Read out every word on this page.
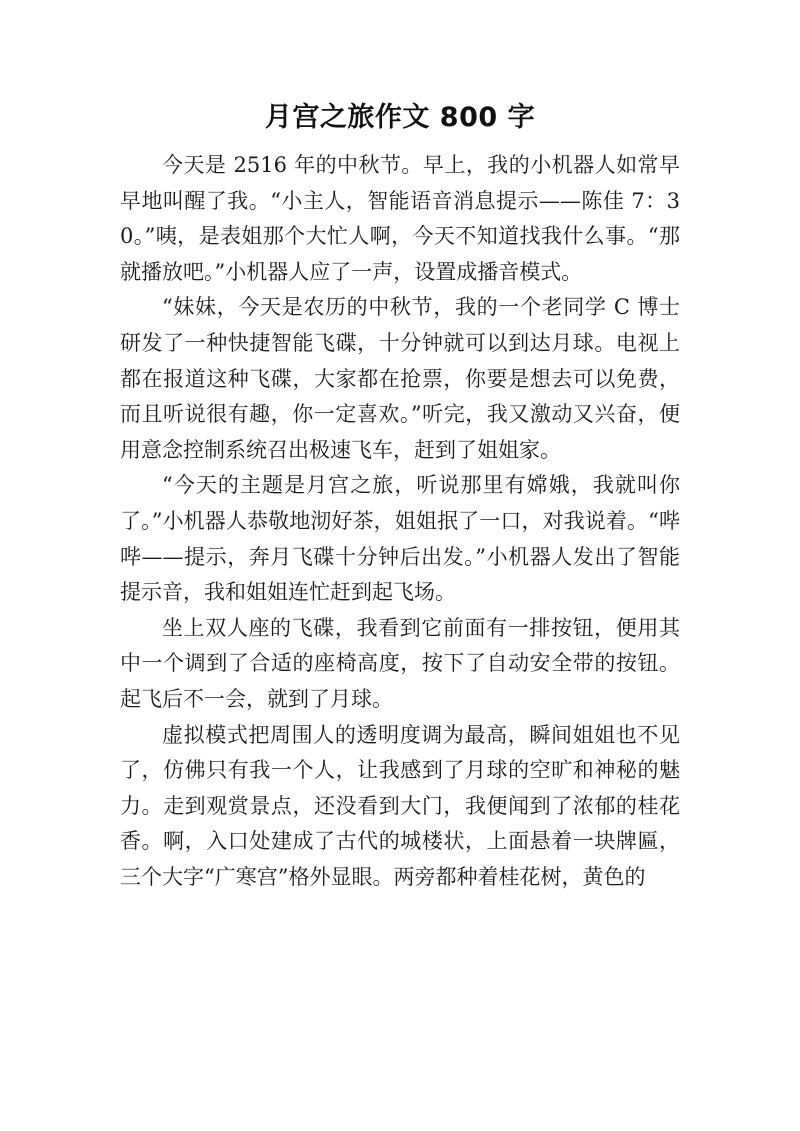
月宫之旅作文 800 字

今天是 2516 年的中秋节。早上，我的小机器人如常早早地叫醒了我。“小主人，智能语音消息提示——陈佳 7：30。”咦，是表姐那个大忙人啊，今天不知道找我什么事。“那就播放吧。”小机器人应了一声，设置成播音模式。

“妹妹，今天是农历的中秋节，我的一个老同学 C 博士研发了一种快捷智能飞碟，十分钟就可以到达月球。电视上都在报道这种飞碟，大家都在抢票，你要是想去可以免费，而且听说很有趣，你一定喜欢。”听完，我又激动又兴奋，便用意念控制系统召出极速飞车，赶到了姐姐家。

“今天的主题是月宫之旅，听说那里有嫦娥，我就叫你了。”小机器人恭敬地沏好茶，姐姐抿了一口，对我说着。“哔哔——提示，奔月飞碟十分钟后出发。”小机器人发出了智能提示音，我和姐姐连忙赶到起飞场。

坐上双人座的飞碟，我看到它前面有一排按钮，便用其中一个调到了合适的座椅高度，按下了自动安全带的按钮。起飞后不一会，就到了月球。

虚拟模式把周围人的透明度调为最高，瞬间姐姐也不见了，仿佛只有我一个人，让我感到了月球的空旷和神秘的魅力。走到观赏景点，还没看到大门，我便闻到了浓郁的桂花香。啊，入口处建成了古代的城楼状，上面悬着一块牌匾，三个大字“广寒宫”格外显眼。两旁都种着桂花树，黄色的
